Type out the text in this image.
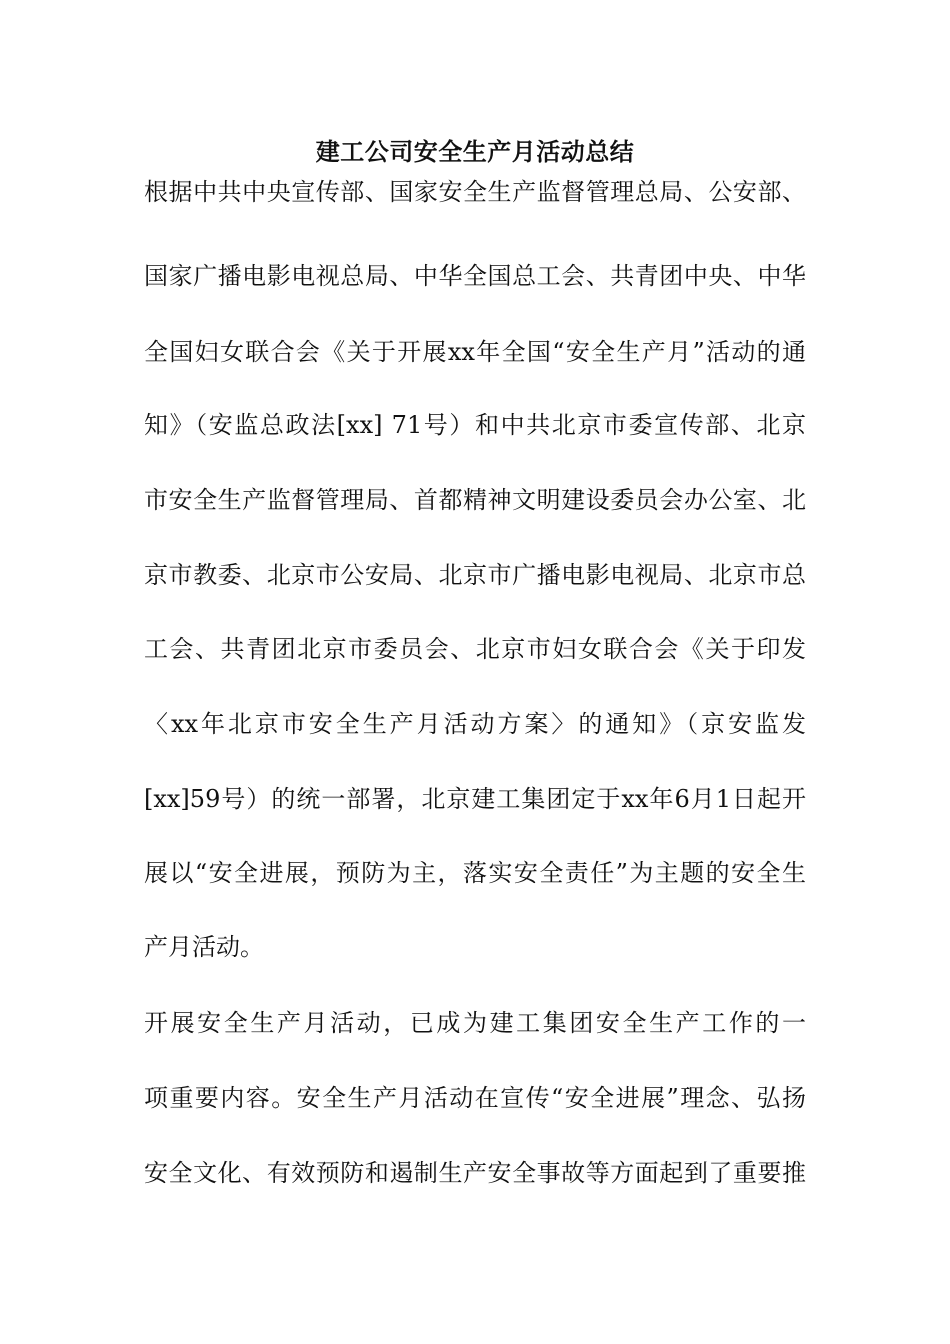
建工公司安全生产月活动总结
根据中共中央宣传部、国家安全生产监督管理总局、公安部、
国家广播电影电视总局、中华全国总工会、共青团中央、中华
全国妇女联合会《关于开展xx年全国“安全生产月”活动的通
知》（安监总政法[xx] 71号）和中共北京市委宣传部、北京
市安全生产监督管理局、首都精神文明建设委员会办公室、北
京市教委、北京市公安局、北京市广播电影电视局、北京市总
工会、共青团北京市委员会、北京市妇女联合会《关于印发
〈xx年北京市安全生产月活动方案〉的通知》（京安监发
[xx]59号）的统一部署，北京建工集团定于xx年6月1日起开
展以“安全进展，预防为主，落实安全责任”为主题的安全生
产月活动。
开展安全生产月活动，已成为建工集团安全生产工作的一
项重要内容。安全生产月活动在宣传“安全进展”理念、弘扬
安全文化、有效预防和遏制生产安全事故等方面起到了重要推
